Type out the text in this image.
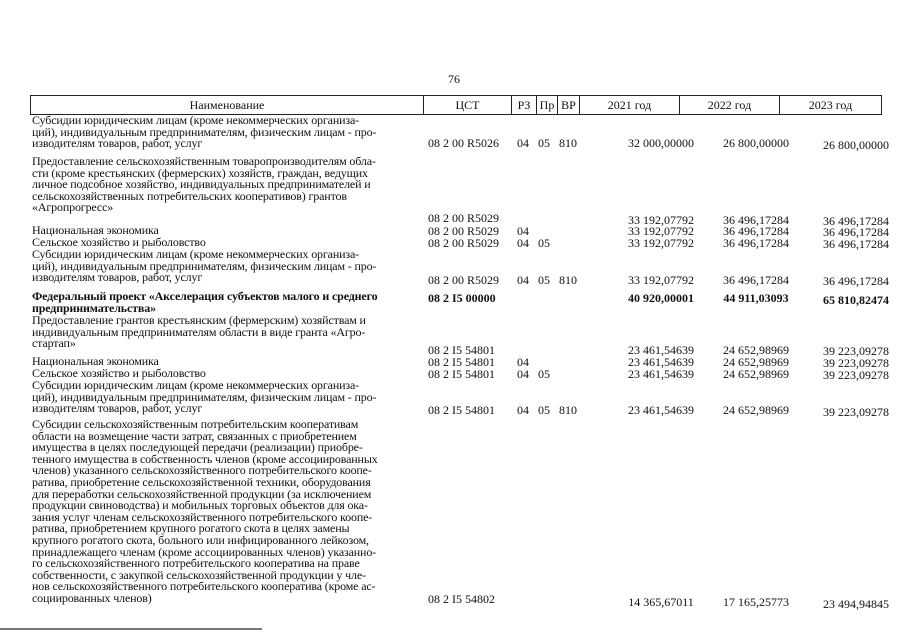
76
Наименование	ЦСТ	РЗ Пр ВР	2021 год	2022 год	2023 год
Субсидии юридическим лицам (кроме некоммерческих организа-
ций), индивидуальным предпринимателям, физическим лицам - про-
изводителям товаров, работ, услуг	08 2 00 R5026 04 05 810	32 000,00000	26 800,00000	26 800,00000
Предоставление сельскохозяйственным товаропроизводителям обла-
сти (кроме крестьянских (фермерских) хозяйств, граждан, ведущих
личное подсобное хозяйство, индивидуальных предпринимателей и
сельскохозяйственных потребительских кооперативов) грантов
«Агропрогресс»
08 2 00 R5029	33 192,07792	36 496,17284	36 496,17284
Национальная экономика	08 2 00 R5029 04	33 192,07792	36 496,17284	36 496,17284
Сельское хозяйство и рыболовство	08 2 00 R5029 04 05	33 192,07792	36 496,17284	36 496,17284
Субсидии юридическим лицам (кроме некоммерческих организа-
ций), индивидуальным предпринимателям, физическим лицам - про-
изводителям товаров, работ, услуг	08 2 00 R5029 04 05 810	33 192,07792	36 496,17284	36 496,17284
Федеральный проект «Акселерация субъектов малого и среднего
предпринимательства»
08 2 I5 00000	40 920,00001	44 911,03093	65 810,82474
Предоставление грантов крестьянским (фермерским) хозяйствам и
индивидуальным предпринимателям области в виде гранта «Агро-
стартап»	08 2 I5 54801	23 461,54639	24 652,98969	39 223,09278
Национальная экономика	08 2 I5 54801 04	23 461,54639	24 652,98969	39 223,09278
Сельское хозяйство и рыболовство	08 2 I5 54801 04 05	23 461,54639	24 652,98969	39 223,09278
Субсидии юридическим лицам (кроме некоммерческих организа-
ций), индивидуальным предпринимателям, физическим лицам - про-
изводителям товаров, работ, услуг	08 2 I5 54801 04 05 810	23 461,54639	24 652,98969	39 223,09278
Субсидии сельскохозяйственным потребительским кооперативам
области на возмещение части затрат, связанных с приобретением
имущества в целях последующей передачи (реализации) приобре-
тенного имущества в собственность членов (кроме ассоциированных
членов) указанного сельскохозяйственного потребительского коопе-
ратива, приобретение сельскохозяйственной техники, оборудования
для переработки сельскохозяйственной продукции (за исключением
продукции свиноводства) и мобильных торговых объектов для ока-
зания услуг членам сельскохозяйственного потребительского коопе-
ратива, приобретением крупного рогатого скота в целях замены
крупного рогатого скота, больного или инфицированного лейкозом,
принадлежащего членам (кроме ассоциированных членов) указанно-
го сельскохозяйственного потребительского кооператива на праве
собственности, с закупкой сельскохозяйственной продукции у чле-
нов сельскохозяйственного потребительского кооператива (кроме ас-
социированных членов)	08 2 I5 54802	14 365,67011	17 165,25773	23 494,94845
